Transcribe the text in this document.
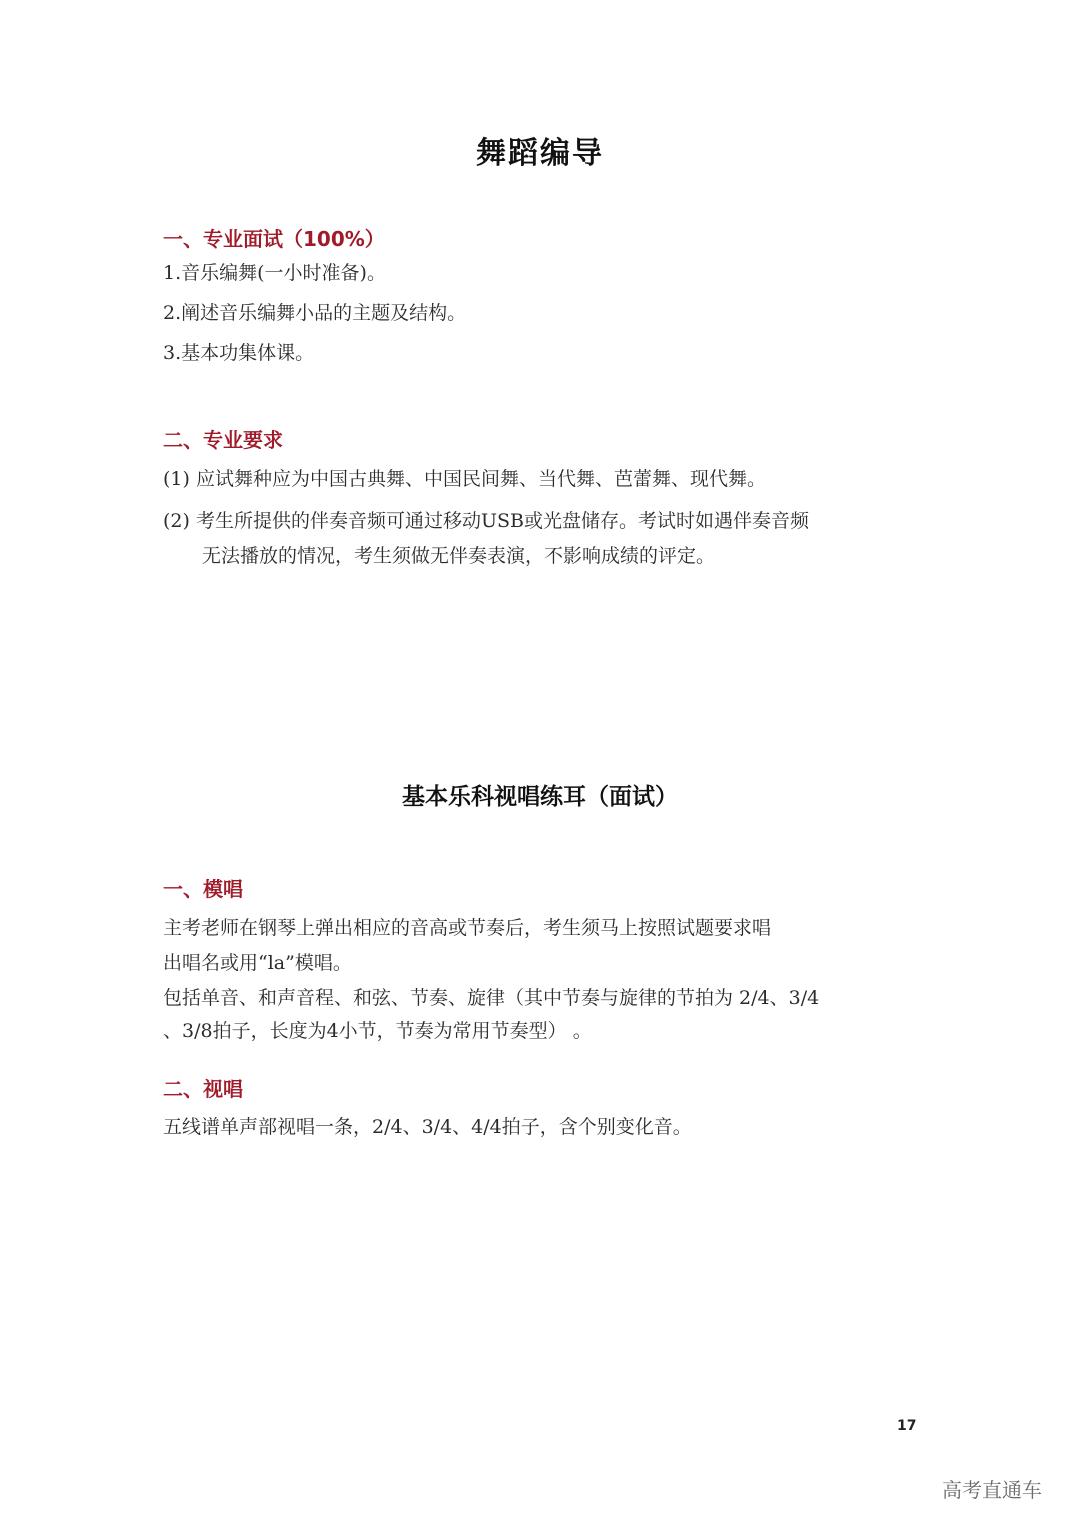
舞蹈编导
一、专业面试（100%）
1.音乐编舞(一小时准备)。
2.阐述音乐编舞小品的主题及结构。
3.基本功集体课。
二、专业要求
(1) 应试舞种应为中国古典舞、中国民间舞、当代舞、芭蕾舞、现代舞。
(2) 考生所提供的伴奏音频可通过移动USB或光盘储存。考试时如遇伴奏音频
无法播放的情况，考生须做无伴奏表演，不影响成绩的评定。
基本乐科视唱练耳（面试）
一、模唱
主考老师在钢琴上弹出相应的音高或节奏后，考生须马上按照试题要求唱
出唱名或用“la”模唱。
包括单音、和声音程、和弦、节奏、旋律（其中节奏与旋律的节拍为 2/4、3/4
、3/8拍子，长度为4小节，节奏为常用节奏型） 。
二、视唱
五线谱单声部视唱一条，2/4、3/4、4/4拍子，含个别变化音。
17
高考直通车
